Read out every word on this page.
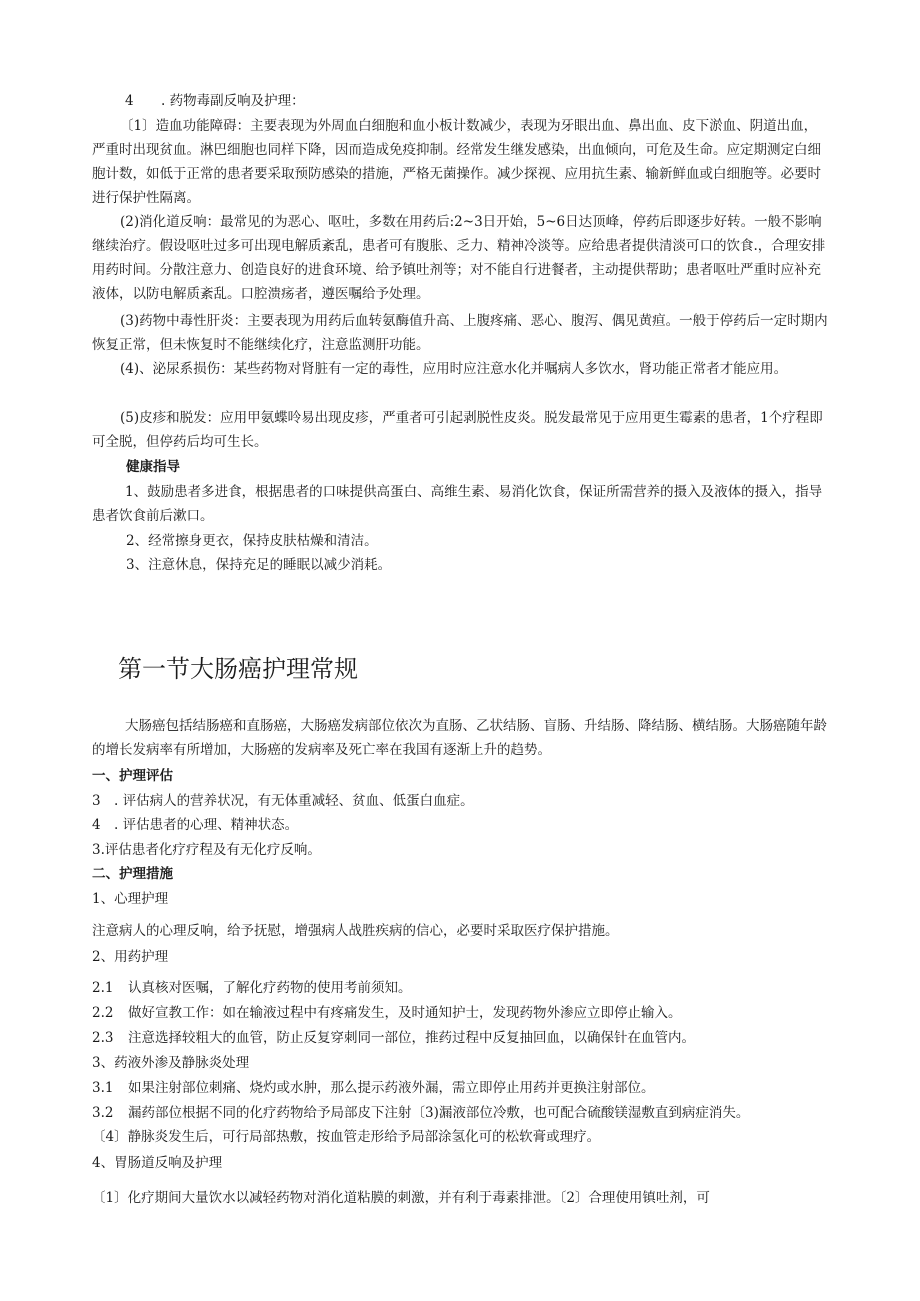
4 . 药物毒副反响及护理：

〔1〕造血功能障碍：主要表现为外周血白细胞和血小板计数减少，表现为牙眼出血、鼻出血、皮下淤血、阴道出血，严重时出现贫血。淋巴细胞也同样下降，因而造成免疫抑制。经常发生继发感染，出血倾向，可危及生命。应定期测定白细胞计数，如低于正常的患者要采取预防感染的措施，严格无菌操作。减少探视、应用抗生素、输新鲜血或白细胞等。必要时进行保护性隔离。

(2)消化道反响：最常见的为恶心、呕吐，多数在用药后:2~3日开始，5~6日达顶峰，停药后即逐步好转。一般不影响继续治疗。假设呕吐过多可出现电解质紊乱，患者可有腹胀、乏力、精神冷淡等。应给患者提供清淡可口的饮食.，合理安排用药时间。分散注意力、创造良好的进食环境、给予镇吐剂等；对不能自行进餐者，主动提供帮助；患者呕吐严重时应补充液体，以防电解质紊乱。口腔溃疡者，遵医嘱给予处理。

(3)药物中毒性肝炎：主要表现为用药后血转氨酶值升高、上腹疼痛、恶心、腹泻、偶见黄疸。一般于停药后一定时期内恢复正常，但未恢复时不能继续化疗，注意监测肝功能。

(4)、泌尿系损伤：某些药物对肾脏有一定的毒性，应用时应注意水化并嘱病人多饮水，肾功能正常者才能应用。

(5)皮疹和脱发：应用甲氨蝶呤易出现皮疹，严重者可引起剥脱性皮炎。脱发最常见于应用更生霉素的患者，1个疗程即可全脱，但停药后均可生长。

健康指导

1、鼓励患者多进食，根据患者的口味提供高蛋白、高维生素、易消化饮食，保证所需营养的摄入及液体的摄入，指导患者饮食前后漱口。

2、经常擦身更衣，保持皮肤枯燥和清洁。

3、注意休息，保持充足的睡眠以减少消耗。

第一节大肠癌护理常规

大肠癌包括结肠癌和直肠癌，大肠癌发病部位依次为直肠、乙状结肠、盲肠、升结肠、降结肠、横结肠。大肠癌随年龄的增长发病率有所增加，大肠癌的发病率及死亡率在我国有逐渐上升的趋势。

一、护理评估

3 . 评估病人的营养状况，有无体重减轻、贫血、低蛋白血症。

4 . 评估患者的心理、精神状态。

3.评估患者化疗疗程及有无化疗反响。

二、护理措施

1、心理护理

注意病人的心理反响，给予抚慰，增强病人战胜疾病的信心，必要时采取医疗保护措施。

2、用药护理

2.1 认真核对医嘱，了解化疗药物的使用考前须知。

2.2 做好宣教工作：如在输液过程中有疼痛发生，及时通知护士，发现药物外渗应立即停止输入。

2.3 注意选择较粗大的血管，防止反复穿刺同一部位，推药过程中反复抽回血，以确保针在血管内。

3、药液外渗及静脉炎处理

3.1 如果注射部位刺痛、烧灼或水肿，那么提示药液外漏，需立即停止用药并更换注射部位。

3.2 漏药部位根据不同的化疗药物给予局部皮下注射〔3)漏液部位冷敷，也可配合硫酸镁湿敷直到病症消失。

〔4〕静脉炎发生后，可行局部热敷，按血管走形给予局部涂氢化可的松软膏或理疗。

4、胃肠道反响及护理

〔1〕化疗期间大量饮水以减轻药物对消化道粘膜的刺激，并有利于毒素排泄。〔2〕合理使用镇吐剂，可
